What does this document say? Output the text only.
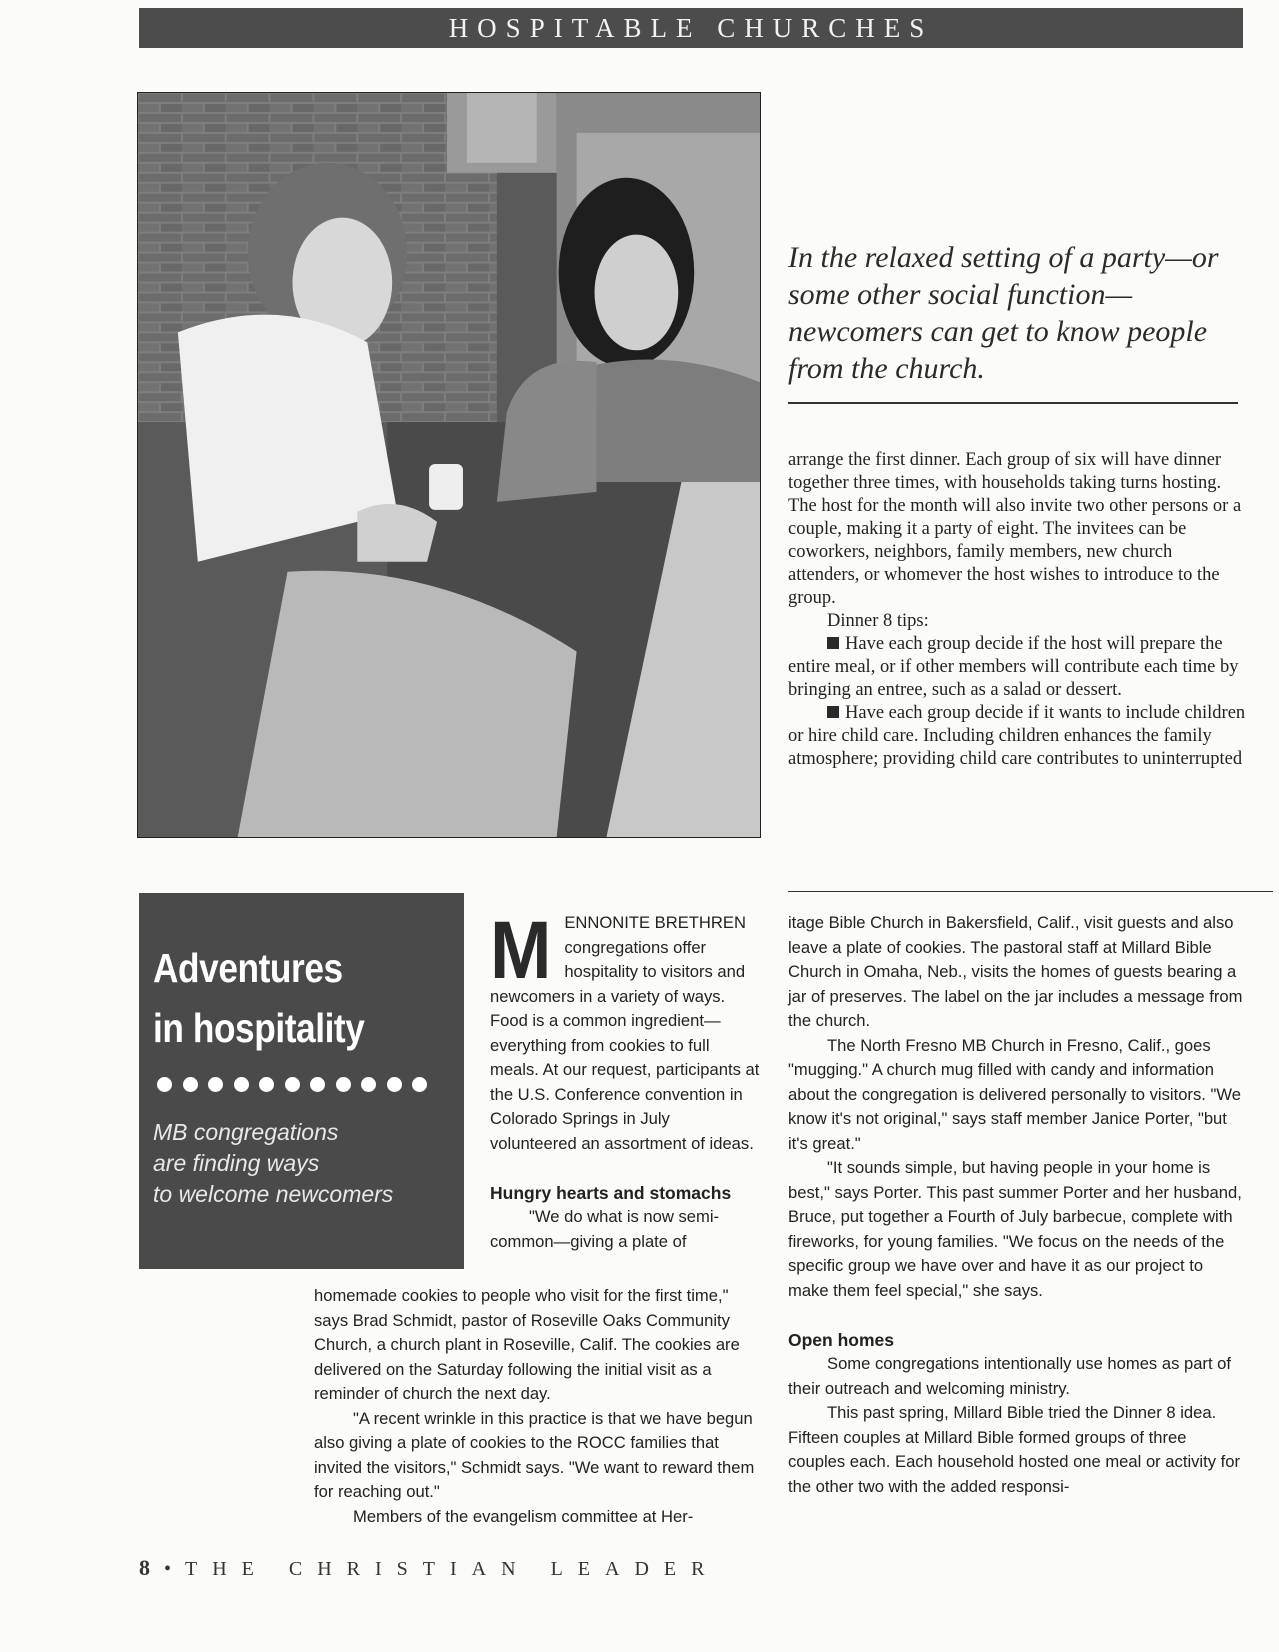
HOSPITABLE CHURCHES

In the relaxed setting of a party—or some other social function—newcomers can get to know people from the church.

arrange the first dinner. Each group of six will have dinner together three times, with households taking turns hosting. The host for the month will also invite two other persons or a couple, making it a party of eight. The invitees can be coworkers, neighbors, family members, new church attenders, or whomever the host wishes to introduce to the group.

Dinner 8 tips:

Have each group decide if the host will prepare the entire meal, or if other members will contribute each time by bringing an entree, such as a salad or dessert.

Have each group decide if it wants to include children or hire child care. Including children enhances the family atmosphere; providing child care contributes to uninterrupted

Adventures
in hospitality
MB congregations
are finding ways
to welcome newcomers

MENNONITE BRETHREN congregations offer hospitality to visitors and newcomers in a variety of ways. Food is a common ingredient—everything from cookies to full meals. At our request, participants at the U.S. Conference convention in Colorado Springs in July volunteered an assortment of ideas.

Hungry hearts and stomachs

"We do what is now semi-common—giving a plate of

homemade cookies to people who visit for the first time," says Brad Schmidt, pastor of Roseville Oaks Community Church, a church plant in Roseville, Calif. The cookies are delivered on the Saturday following the initial visit as a reminder of church the next day.

"A recent wrinkle in this practice is that we have begun also giving a plate of cookies to the ROCC families that invited the visitors," Schmidt says. "We want to reward them for reaching out."

Members of the evangelism committee at Her-

itage Bible Church in Bakersfield, Calif., visit guests and also leave a plate of cookies. The pastoral staff at Millard Bible Church in Omaha, Neb., visits the homes of guests bearing a jar of preserves. The label on the jar includes a message from the church.

The North Fresno MB Church in Fresno, Calif., goes "mugging." A church mug filled with candy and information about the congregation is delivered personally to visitors. "We know it's not original," says staff member Janice Porter, "but it's great."

"It sounds simple, but having people in your home is best," says Porter. This past summer Porter and her husband, Bruce, put together a Fourth of July barbecue, complete with fireworks, for young families. "We focus on the needs of the specific group we have over and have it as our project to make them feel special," she says.

Open homes

Some congregations intentionally use homes as part of their outreach and welcoming ministry.

This past spring, Millard Bible tried the Dinner 8 idea. Fifteen couples at Millard Bible formed groups of three couples each. Each household hosted one meal or activity for the other two with the added responsi-

8 • THE CHRISTIAN LEADER
